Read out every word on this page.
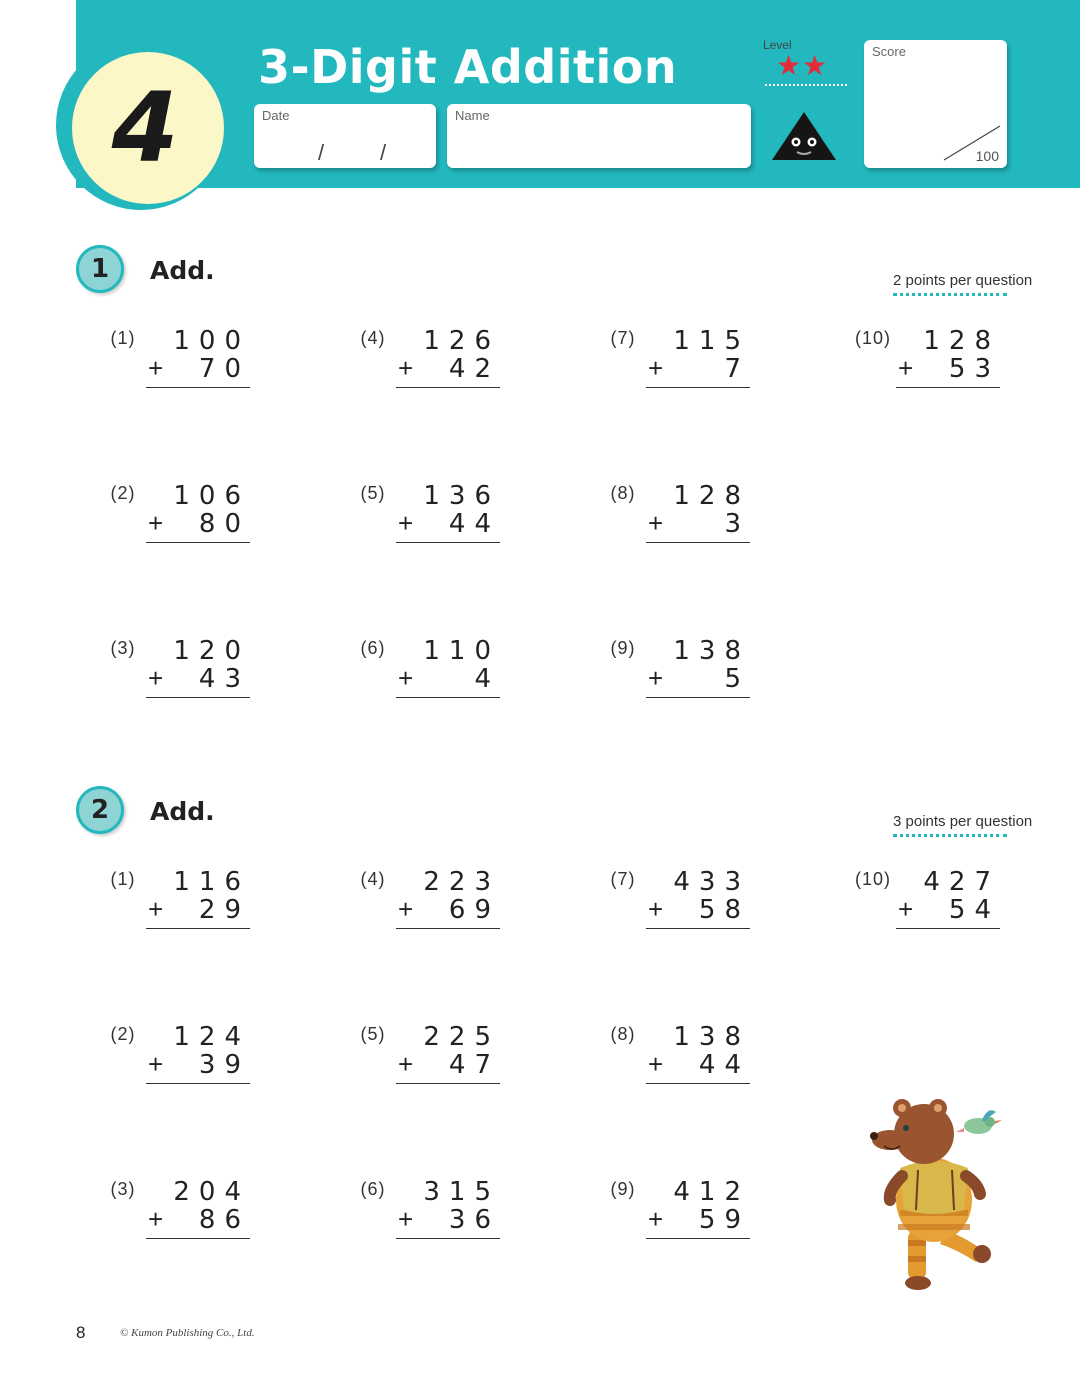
4
3-Digit Addition
Date
/	/
Name
Level
★★	Score
100
1 Add.	2 points per question
(1)	100
+	70
(2)	106
+	80
(3)	120
+	43
(4)	126
+	42
(5)	136
+	44
(6)	110
+	4
(7)	115
+	7
(8)	128
+	3
(9)	138
+	5
(10)	128
+	53
2 Add.	3 points per question
(1)	116
+	29
(2)	124
+	39
(3)	204
+	86
(4)	223
+	69
(5)	225
+	47
(6)	315
+	36
(7)	433
+	58
(8)	138
+	44
(9)	412
+	59
(10)	427
+	54
8	© Kumon Publishing Co., Ltd.
